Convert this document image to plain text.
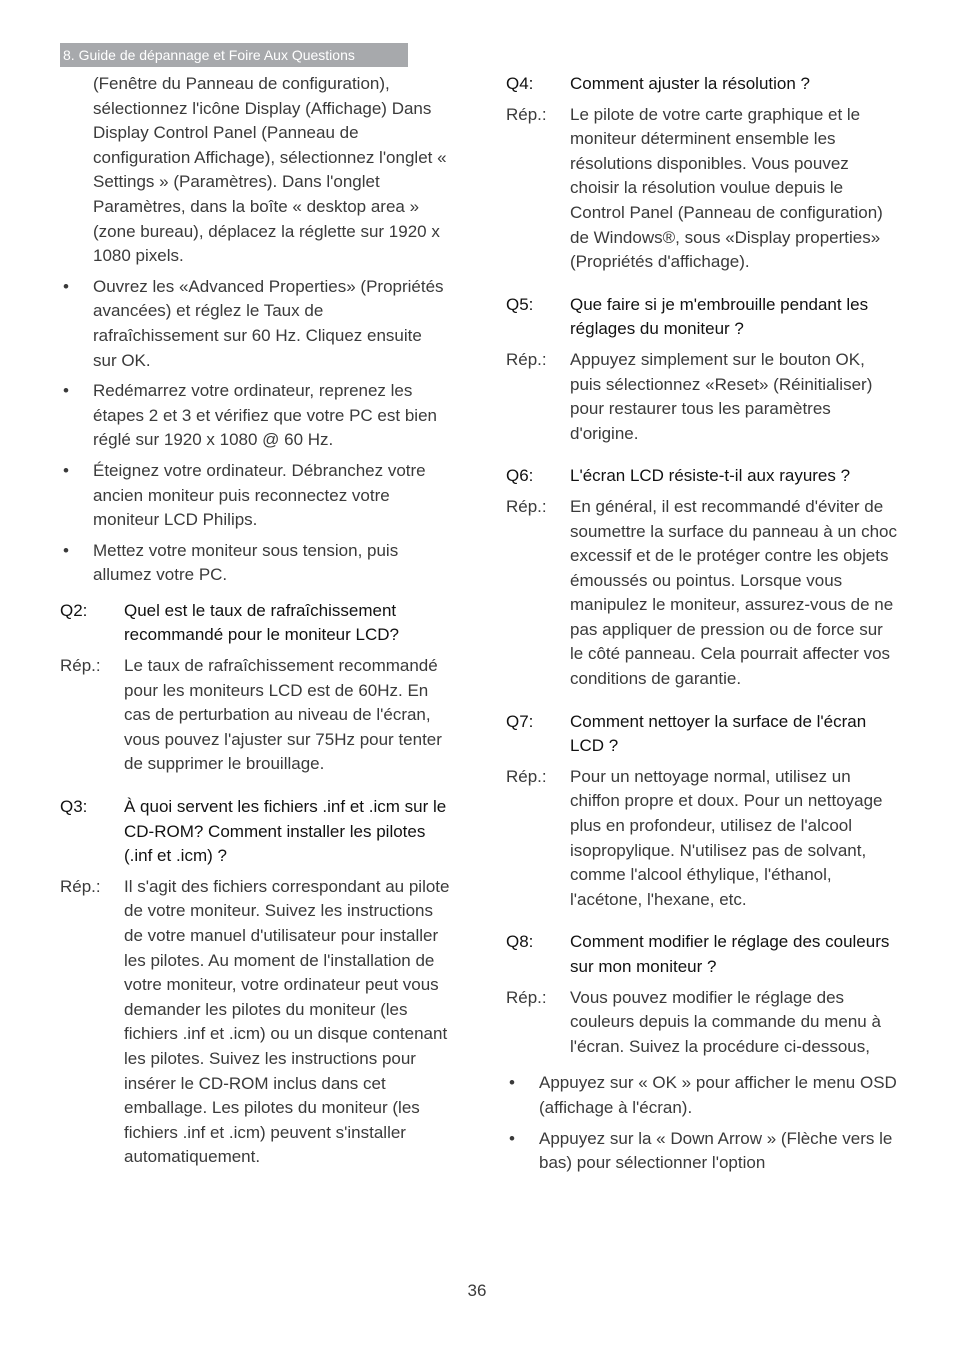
8. Guide de dépannage et Foire Aux Questions

(Fenêtre du Panneau de configuration), sélectionnez l'icône Display (Affichage) Dans Display Control Panel (Panneau de configuration Affichage), sélectionnez l'onglet « Settings » (Paramètres). Dans l'onglet Paramètres, dans la boîte « desktop area » (zone bureau), déplacez la réglette sur 1920 x 1080 pixels.

• Ouvrez les «Advanced Properties» (Propriétés avancées) et réglez le Taux de rafraîchissement sur 60 Hz. Cliquez ensuite sur OK.
• Redémarrez votre ordinateur, reprenez les étapes 2 et 3 et vérifiez que votre PC est bien réglé sur 1920 x 1080 @ 60 Hz.
• Éteignez votre ordinateur. Débranchez votre ancien moniteur puis reconnectez votre moniteur LCD Philips.
• Mettez votre moniteur sous tension, puis allumez votre PC.
Q2:	Quel est le taux de rafraîchissement recommandé pour le moniteur LCD?
Rép.:	Le taux de rafraîchissement recommandé pour les moniteurs LCD est de 60Hz. En cas de perturbation au niveau de l'écran, vous pouvez l'ajuster sur 75Hz pour tenter de supprimer le brouillage.
Q3:	À quoi servent les fichiers .inf et .icm sur le CD-ROM? Comment installer les pilotes (.inf et .icm) ?
Rép.:	Il s'agit des fichiers correspondant au pilote de votre moniteur. Suivez les instructions de votre manuel d'utilisateur pour installer les pilotes. Au moment de l'installation de votre moniteur, votre ordinateur peut vous demander les pilotes du moniteur (les fichiers .inf et .icm) ou un disque contenant les pilotes. Suivez les instructions pour insérer le CD-ROM inclus dans cet emballage. Les pilotes du moniteur (les fichiers .inf et .icm) peuvent s'installer automatiquement.
Q4:	Comment ajuster la résolution ?
Rép.:	Le pilote de votre carte graphique et le moniteur déterminent ensemble les résolutions disponibles. Vous pouvez choisir la résolution voulue depuis le Control Panel (Panneau de configuration) de Windows®, sous «Display properties» (Propriétés d'affichage).
Q5:	Que faire si je m'embrouille pendant les réglages du moniteur ?
Rép.:	Appuyez simplement sur le bouton OK, puis sélectionnez «Reset» (Réinitialiser) pour restaurer tous les paramètres d'origine.
Q6:	L'écran LCD résiste-t-il aux rayures ?
Rép.:	En général, il est recommandé d'éviter de soumettre la surface du panneau à un choc excessif et de le protéger contre les objets émoussés ou pointus. Lorsque vous manipulez le moniteur, assurez-vous de ne pas appliquer de pression ou de force sur le côté panneau. Cela pourrait affecter vos conditions de garantie.
Q7:	Comment nettoyer la surface de l'écran LCD ?
Rép.:	Pour un nettoyage normal, utilisez un chiffon propre et doux. Pour un nettoyage plus en profondeur, utilisez de l'alcool isopropylique. N'utilisez pas de solvant, comme l'alcool éthylique, l'éthanol, l'acétone, l'hexane, etc.
Q8:	Comment modifier le réglage des couleurs sur mon moniteur ?
Rép.:	Vous pouvez modifier le réglage des couleurs depuis la commande du menu à l'écran. Suivez la procédure ci-dessous,
• Appuyez sur « OK » pour afficher le menu OSD (affichage à l'écran).
• Appuyez sur la « Down Arrow » (Flèche vers le bas) pour sélectionner l'option
36
